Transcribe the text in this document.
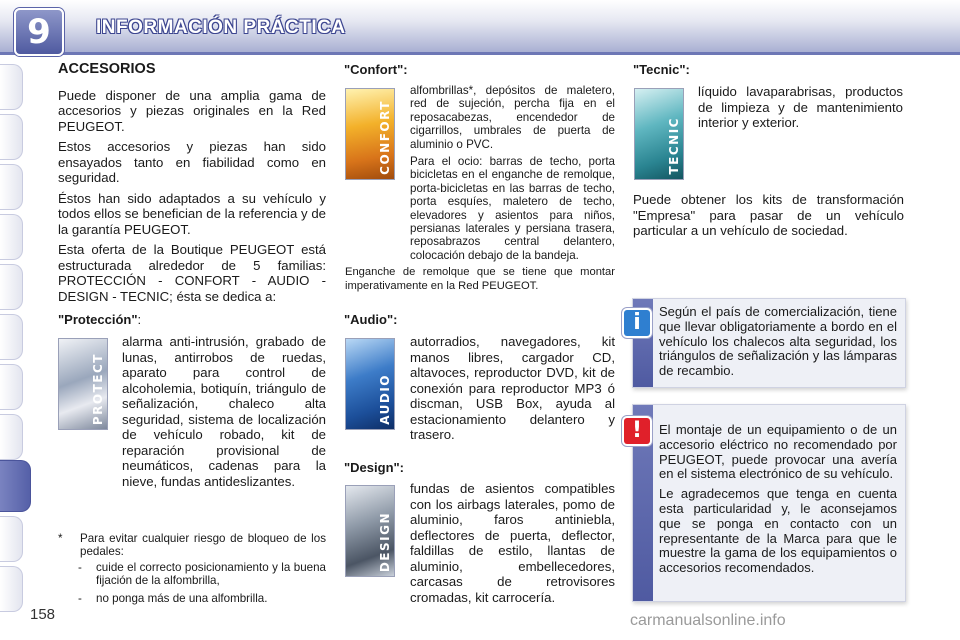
9	INFORMACIÓN PRÁCTICA
158
ACCESORIOS

Puede disponer de una amplia gama de accesorios y piezas originales en la Red PEUGEOT.

Estos accesorios y piezas han sido ensayados tanto en fiabilidad como en seguridad.

Éstos han sido adaptados a su vehículo y todos ellos se benefician de la referencia y de la garantía PEUGEOT.

Esta oferta de la Boutique PEUGEOT está estructurada alrededor de 5 familias: PROTECCIÓN - CONFORT - AUDIO - DESIGN - TECNIC; ésta se dedica a:

"Protección":
PROTECT
alarma anti-intrusión, grabado de lunas, antirrobos de ruedas, aparato para control de alcoholemia, botiquín, triángulo de señalización, chaleco alta seguridad, sistema de localización de vehículo robado, kit de reparación provisional de neumáticos, cadenas para la nieve, fundas antideslizantes.
*	Para evitar cualquier riesgo de bloqueo de los pedales:
-	cuide el correcto posicionamiento y la buena fijación de la alfombrilla,
-	no ponga más de una alfombrilla.
"Confort":
CONFORT

alfombrillas*, depósitos de maletero, red de sujeción, percha fija en el reposacabezas, encendedor de cigarrillos, umbrales de puerta de aluminio o PVC.

Para el ocio: barras de techo, porta bicicletas en el enganche de remolque, porta-bicicletas en las barras de techo, porta esquíes, maletero de techo, elevadores y asientos para niños, persianas laterales y persiana trasera, reposabrazos central delantero, colocación debajo de la bandeja.

Enganche de remolque que se tiene que montar imperativamente en la Red PEUGEOT.

"Audio":
AUDIO
autorradios, navegadores, kit manos libres, cargador CD, altavoces, reproductor DVD, kit de conexión para reproductor MP3 ó discman, USB Box, ayuda al estacionamiento delantero y trasero.
"Design":
DESIGN
fundas de asientos compatibles con los airbags laterales, pomo de aluminio, faros antiniebla, deflectores de puerta, deflector, faldillas de estilo, llantas de aluminio, embellecedores, carcasas de retrovisores cromadas, kit carrocería.
"Tecnic":
TECNIC
líquido lavaparabrisas, productos de limpieza y de mantenimiento interior y exterior.
Puede obtener los kits de transformación "Empresa" para pasar de un vehículo particular a un vehículo de sociedad.
Según el país de comercialización, tiene que llevar obligatoriamente a bordo en el vehículo los chalecos alta seguridad, los triángulos de señalización y las lámparas de recambio.
i

El montaje de un equipamiento o de un accesorio eléctrico no recomendado por PEUGEOT, puede provocar una avería en el sistema electrónico de su vehículo.

Le agradecemos que tenga en cuenta esta particularidad y, le aconsejamos que se ponga en contacto con un representante de la Marca para que le muestre la gama de los equipamientos o accesorios recomendados.

!
carmanualsonline.info
